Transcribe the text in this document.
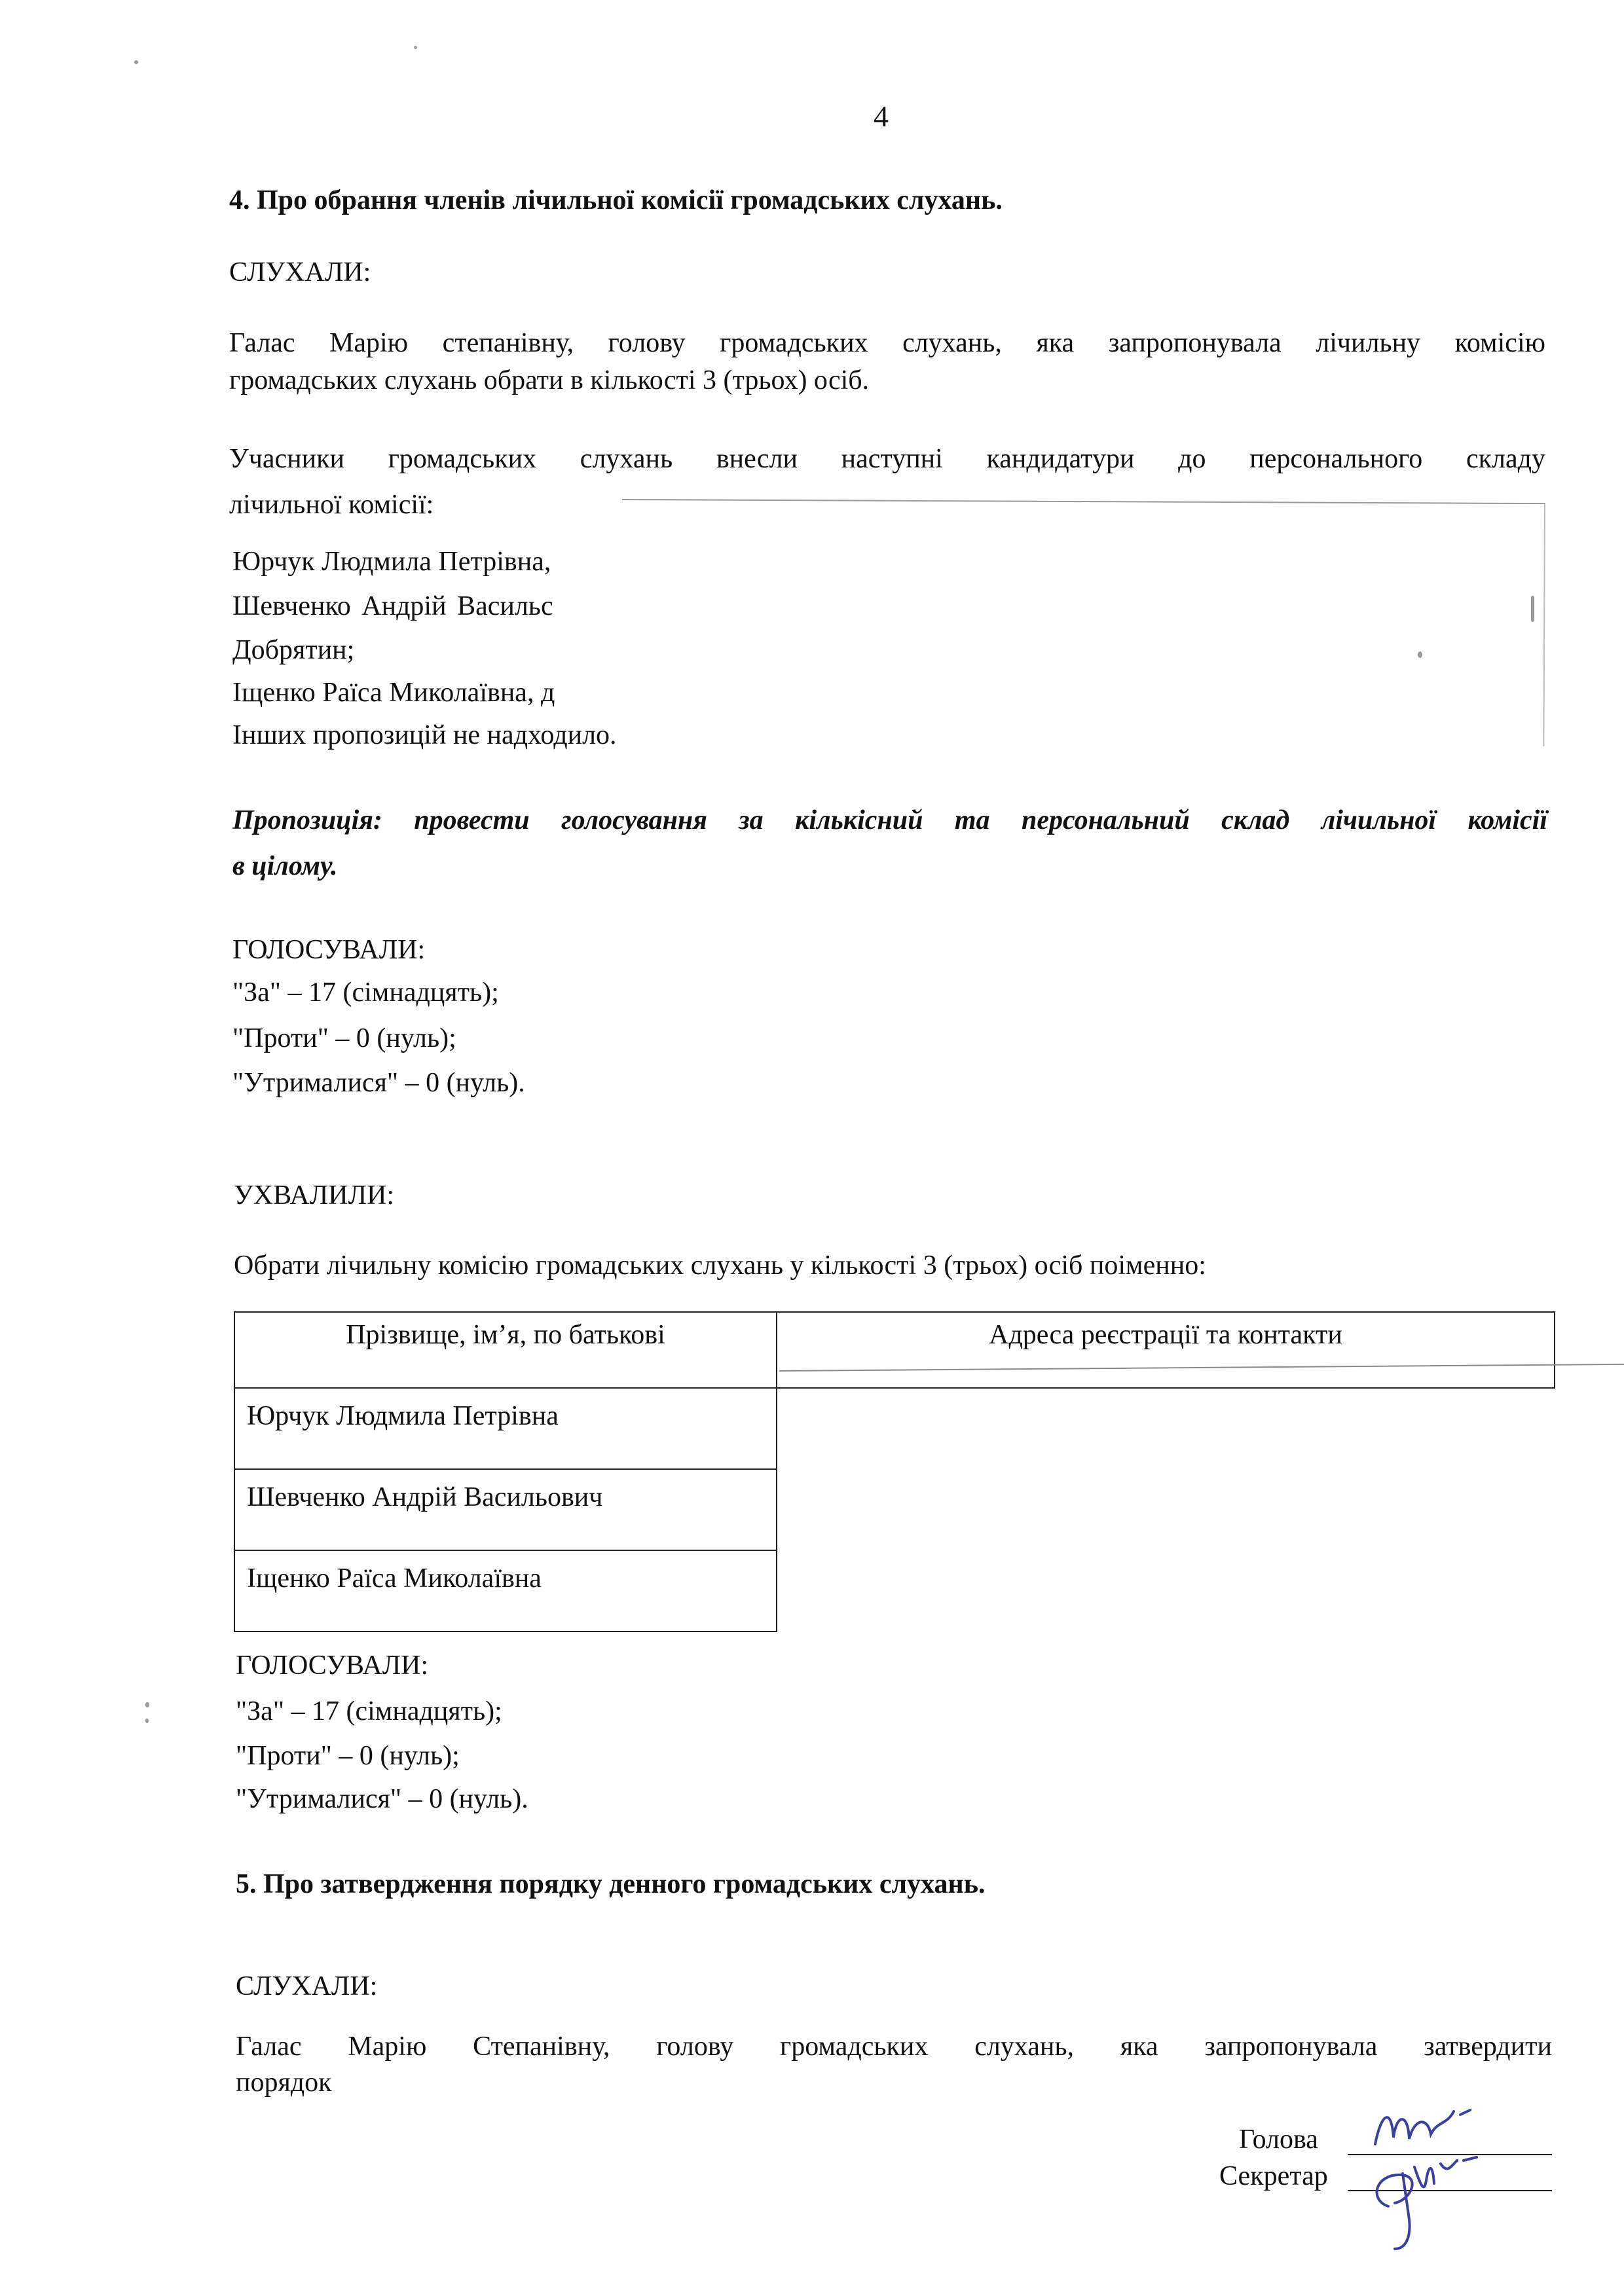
4
4. Про обрання членів лічильної комісії громадських слухань.
СЛУХАЛИ:
Галас Марію степанівну, голову громадських слухань, яка запропонувала лічильну комісію
громадських слухань обрати в кількості 3 (трьох) осіб.
Учасники громадських слухань внесли наступні кандидатури до персонального складу
лічильної комісії:
Юрчук Людмила Петрівна,
Шевченко Андрій Васильс
Добрятин;
Іщенко Раїса Миколаївна, д
Інших пропозицій не надходило.
Пропозиція: провести голосування за кількісний та персональний склад лічильної комісії
в цілому.
ГОЛОСУВАЛИ:
"За" – 17 (сімнадцять);
"Проти" – 0 (нуль);
"Утрималися" – 0 (нуль).
УХВАЛИЛИ:
Обрати лічильну комісію громадських слухань у кількості 3 (трьох) осіб поіменно:
Прізвище, ім’я, по батькові	Адреса реєстрації та контакти
Юрчук Людмила Петрівна	
Шевченко Андрій Васильович	
Іщенко Раїса Миколаївна	
ГОЛОСУВАЛИ:
"За" – 17 (сімнадцять);
"Проти" – 0 (нуль);
"Утрималися" – 0 (нуль).
5. Про затвердження порядку денного громадських слухань.
СЛУХАЛИ:
Галас Марію Степанівну, голову громадських слухань, яка запропонувала затвердити
порядок
Голова
Секретар
